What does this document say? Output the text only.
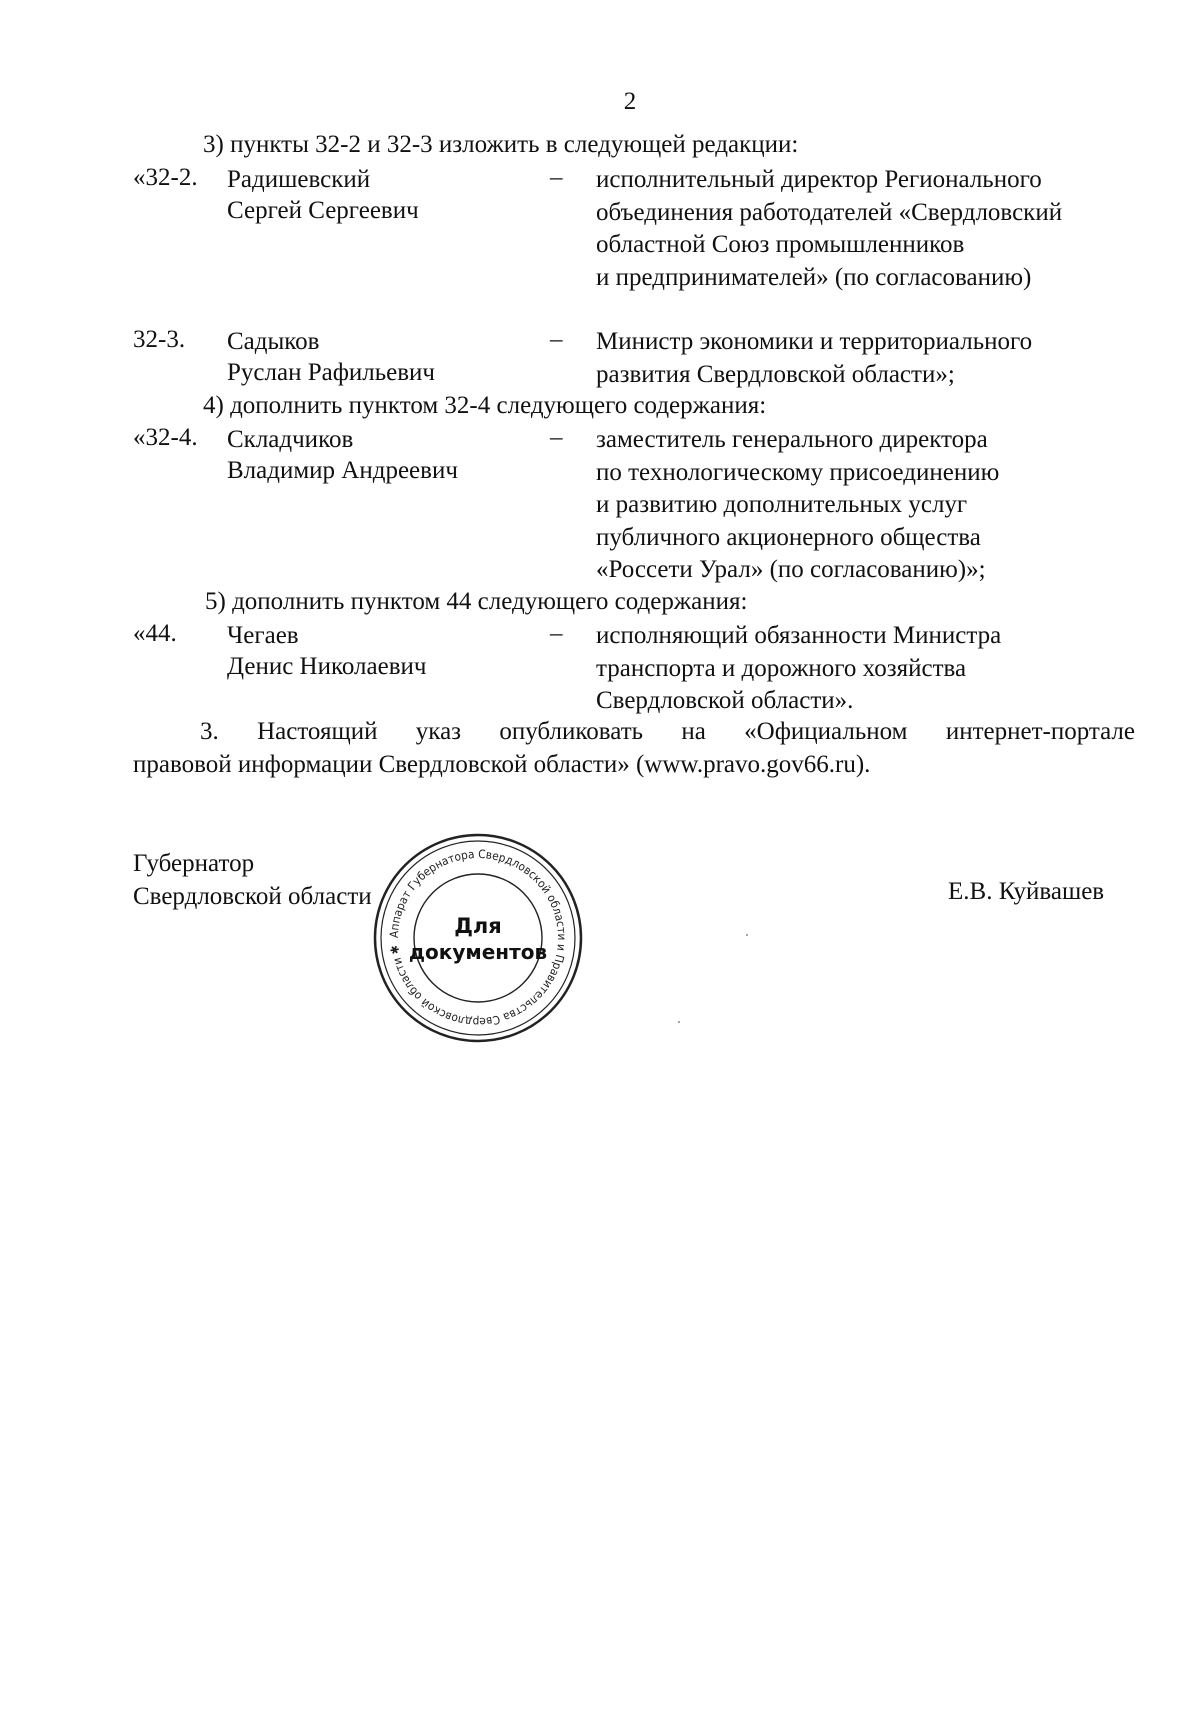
2
3) пункты 32-2 и 32-3 изложить в следующей редакции:
«32-2. Радишевский
Сергей Сергеевич
– исполнительный директор Регионального
объединения работодателей «Свердловский
областной Союз промышленников
и предпринимателей» (по согласованию)
32-3. Садыков
Руслан Рафильевич
– Министр экономики и территориального
развития Свердловской области»;
4) дополнить пунктом 32-4 следующего содержания:
«32-4. Складчиков
Владимир Андреевич
– заместитель генерального директора
по технологическому присоединению
и развитию дополнительных услуг
публичного акционерного общества
«Россети Урал» (по согласованию)»;
5) дополнить пунктом 44 следующего содержания:
«44. Чегаев
Денис Николаевич
– исполняющий обязанности Министра
транспорта и дорожного хозяйства
Свердловской области».
3. Настоящий указ опубликовать на «Официальном интернет-портале
правовой информации Свердловской области» (www.pravo.gov66.ru).
Губернатор
Свердловской области	Е.В. Куйвашев
Аппарат Губернатора Свердловской области и Правительства Свердловской области ✱
Для
документов
